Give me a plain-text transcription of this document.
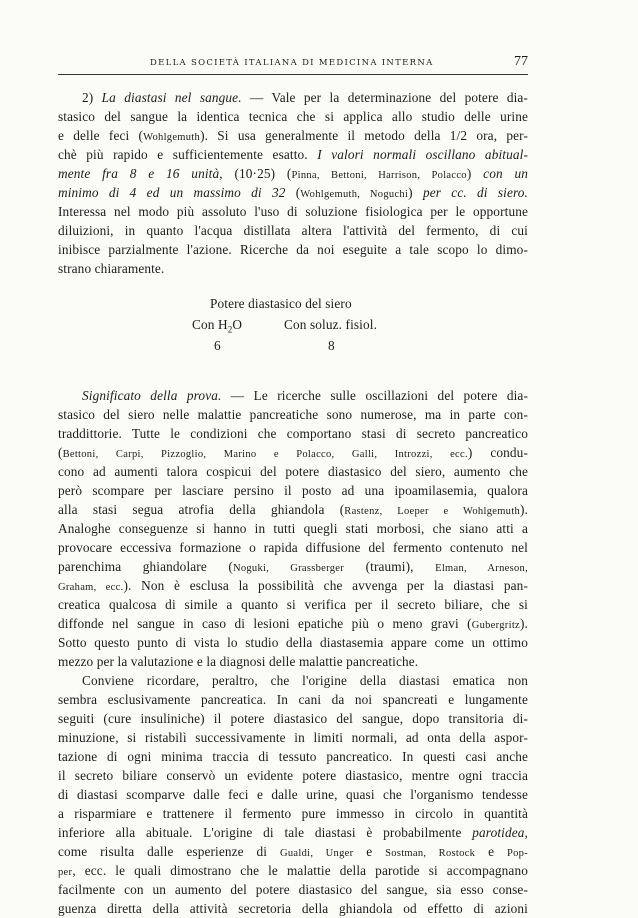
DELLA SOCIETÀ ITALIANA DI MEDICINA INTERNA	77
2) La diastasi nel sangue. — Vale per la determinazione del potere dia-
stasico del sangue la identica tecnica che si applica allo studio delle urine
e delle feci (Wohlgemuth). Si usa generalmente il metodo della 1/2 ora, per-
chè più rapido e sufficientemente esatto. I valori normali oscillano abitual-
mente fra 8 e 16 unità, (10·25) (Pinna, Bettoni, Harrison, Polacco) con un
minimo di 4 ed un massimo di 32 (Wohlgemuth, Noguchi) per cc. di siero.
Interessa nel modo più assoluto l'uso di soluzione fisiologica per le opportune
diluizioni, in quanto l'acqua distillata altera l'attività del fermento, di cui
inibisce parzialmente l'azione. Ricerche da noi eseguite a tale scopo lo dimo-
strano chiaramente.
Potere diastasico del siero
Con $H_2O$	Con soluz. fisiol.
6	8
Significato della prova. — Le ricerche sulle oscillazioni del potere dia-
stasico del siero nelle malattie pancreatiche sono numerose, ma in parte con-
traddittorie. Tutte le condizioni che comportano stasi di secreto pancreatico
(Bettoni, Carpi, Pizzoglio, Marino e Polacco, Galli, Introzzi, ecc.) condu-
cono ad aumenti talora cospicui del potere diastasico del siero, aumento che
però scompare per lasciare persino il posto ad una ipoamilasemia, qualora
alla stasi segua atrofia della ghiandola (Rastenz, Loeper e Wohlgemuth).
Analoghe conseguenze si hanno in tutti quegli stati morbosi, che siano atti a
provocare eccessiva formazione o rapida diffusione del fermento contenuto nel
parenchima ghiandolare (Noguki, Grassberger (traumi), Elman, Arneson,
Graham, ecc.). Non è esclusa la possibilità che avvenga per la diastasi pan-
creatica qualcosa di simile a quanto si verifica per il secreto biliare, che si
diffonde nel sangue in caso di lesioni epatiche più o meno gravi (Gubergritz).
Sotto questo punto di vista lo studio della diastasemia appare come un ottimo
mezzo per la valutazione e la diagnosi delle malattie pancreatiche.
Conviene ricordare, peraltro, che l'origine della diastasi ematica non
sembra esclusivamente pancreatica. In cani da noi spancreati e lungamente
seguiti (cure insuliniche) il potere diastasico del sangue, dopo transitoria di-
minuzione, si ristabilì successivamente in limiti normali, ad onta della aspor-
tazione di ogni minima traccia di tessuto pancreatico. In questi casi anche
il secreto biliare conservò un evidente potere diastasico, mentre ogni traccia
di diastasi scomparve dalle feci e dalle urine, quasi che l'organismo tendesse
a risparmiare e trattenere il fermento pure immesso in circolo in quantità
inferiore alla abituale. L'origine di tale diastasi è probabilmente parotidea,
come risulta dalle esperienze di Gualdi, Unger e Sostman, Rostock e Pop-
per, ecc. le quali dimostrano che le malattie della parotide si accompagnano
facilmente con un aumento del potere diastasico del sangue, sia esso conse-
guenza diretta della attività secretoria della ghiandola od effetto di azioni
